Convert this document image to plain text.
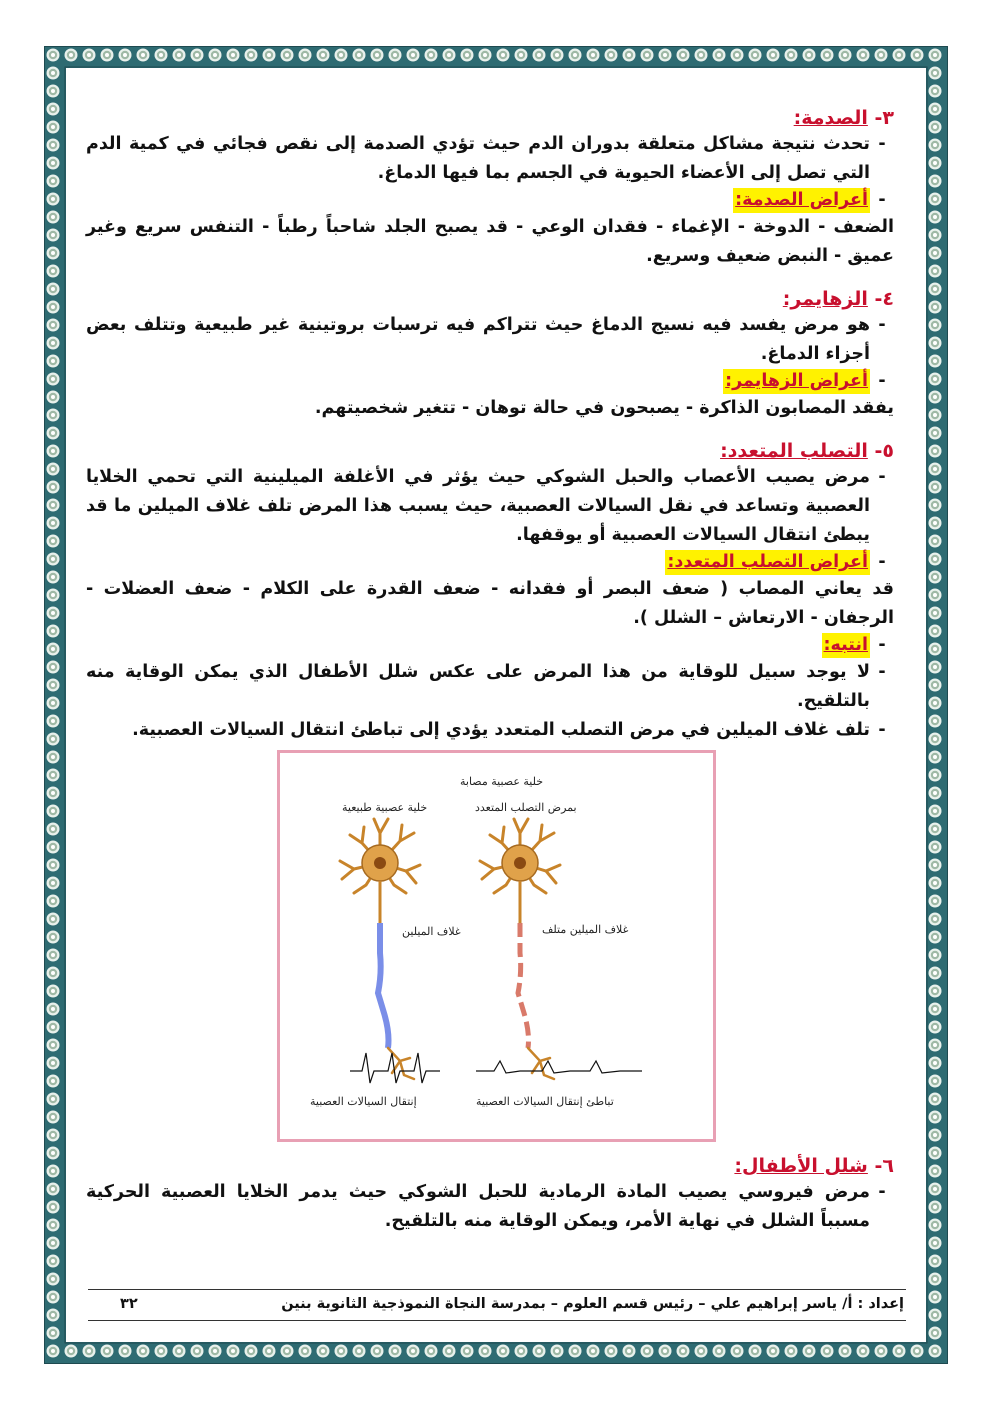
٣- الصدمة:
-
تحدث نتيجة مشاكل متعلقة بدوران الدم حيث تؤدي الصدمة إلى نقص فجائي في كمية الدم التي تصل إلى الأعضاء الحيوية في الجسم بما فيها الدماغ.
-
أعراض الصدمة:
الضعف - الدوخة - الإغماء - فقدان الوعي - قد يصبح الجلد شاحباً رطباً - التنفس سريع وغير عميق - النبض ضعيف وسريع.
٤- الزهايمر:
-
هو مرض يفسد فيه نسيج الدماغ حيث تتراكم فيه ترسبات بروتينية غير طبيعية وتتلف بعض أجزاء الدماغ.
-
أعراض الزهايمر:
يفقد المصابون الذاكرة - يصبحون في حالة توهان - تتغير شخصيتهم.
٥- التصلب المتعدد:
-
مرض يصيب الأعصاب والحبل الشوكي حيث يؤثر في الأغلفة الميلينية التي تحمي الخلايا العصبية وتساعد في نقل السيالات العصبية، حيث يسبب هذا المرض تلف غلاف الميلين ما قد يبطئ انتقال السيالات العصبية أو يوقفها.
-
أعراض التصلب المتعدد:
قد يعاني المصاب ( ضعف البصر أو فقدانه - ضعف القدرة على الكلام - ضعف العضلات - الرجفان - الارتعاش – الشلل ).
-
انتبه:
-
لا يوجد سبيل للوقاية من هذا المرض على عكس شلل الأطفال الذي يمكن الوقاية منه بالتلقيح.
-
تلف غلاف الميلين في مرض التصلب المتعدد يؤدي إلى تباطئ انتقال السيالات العصبية.
خلية عصبية مصابة
بمرض التصلب المتعدد
خلية عصبية طبيعية
غلاف الميلين متلف
غلاف الميلين
تباطئ إنتقال السيالات العصبية
إنتقال السيالات العصبية
٦- شلل الأطفال:
-
مرض فيروسي يصيب المادة الرمادية للحبل الشوكي حيث يدمر الخلايا العصبية الحركية مسبباً الشلل في نهاية الأمر، ويمكن الوقاية منه بالتلقيح.
إعداد : أ/ ياسر إبراهيم علي – رئيس قسم العلوم – بمدرسة النجاة النموذجية الثانوية بنين
٣٢
